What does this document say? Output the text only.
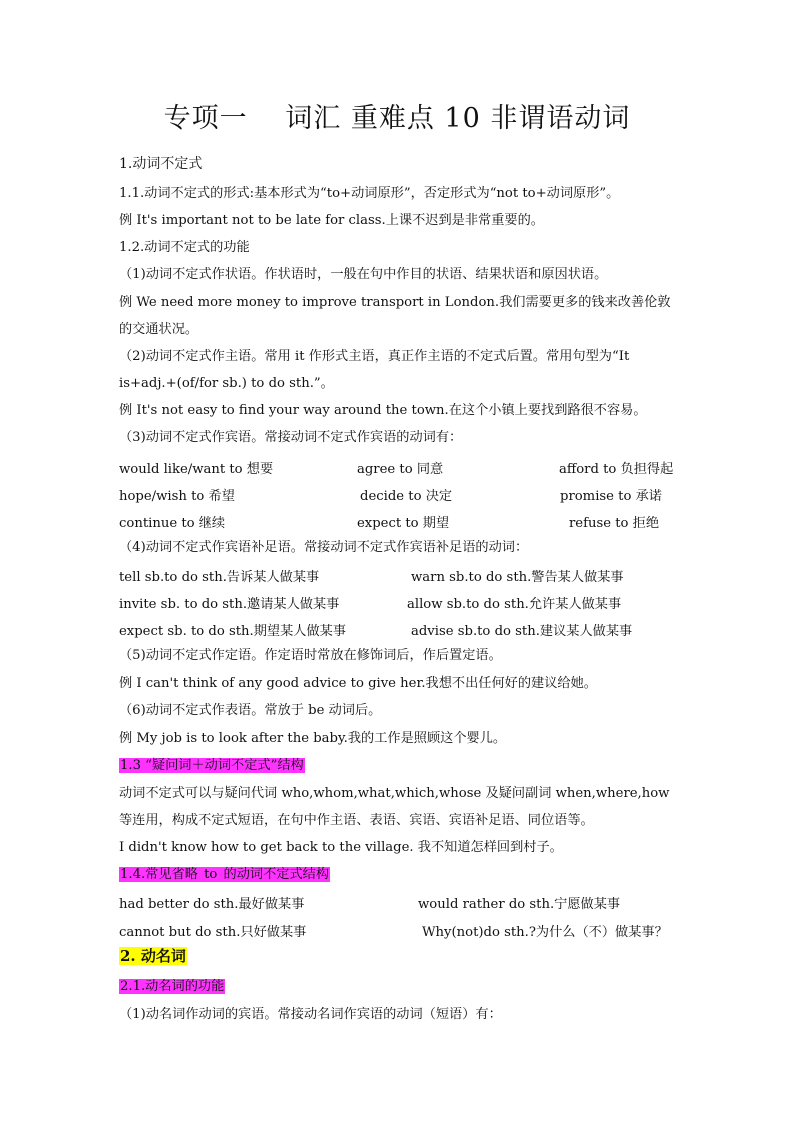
专项一　 词汇 重难点 10 非谓语动词
1.动词不定式
1.1.动词不定式的形式:基本形式为“to+动词原形”，否定形式为“not to+动词原形”。
例 It's important not to be late for class.上课不迟到是非常重要的。
1.2.动词不定式的功能
（1)动词不定式作状语。作状语时，一般在句中作目的状语、结果状语和原因状语。
例 We need more money to improve transport in London.我们需要更多的钱来改善伦敦的交通状况。
（2)动词不定式作主语。常用 it 作形式主语，真正作主语的不定式后置。常用句型为“It is+adj.+(of/for sb.) to do sth.”。
例 It's not easy to find your way around the town.在这个小镇上要找到路很不容易。
（3)动词不定式作宾语。常接动词不定式作宾语的动词有：
would like/want to 想要	agree to 同意	afford to 负担得起
hope/wish to 希望	decide to 决定	promise to 承诺
continue to 继续	expect to 期望	refuse to 拒绝
（4)动词不定式作宾语补足语。常接动词不定式作宾语补足语的动词：
tell sb.to do sth.告诉某人做某事	warn sb.to do sth.警告某人做某事
invite sb. to do sth.邀请某人做某事	allow sb.to do sth.允许某人做某事
expect sb. to do sth.期望某人做某事	advise sb.to do sth.建议某人做某事
（5)动词不定式作定语。作定语时常放在修饰词后，作后置定语。
例 I can't think of any good advice to give her.我想不出任何好的建议给她。
（6)动词不定式作表语。常放于 be 动词后。
例 My job is to look after the baby.我的工作是照顾这个婴儿。
1.3 “疑问词＋动词不定式”结构
动词不定式可以与疑问代词 who,whom,what,which,whose 及疑问副词 when,where,how 等连用，构成不定式短语，在句中作主语、表语、宾语、宾语补足语、同位语等。
I didn't know how to get back to the village. 我不知道怎样回到村子。
1.4.常见省略 to 的动词不定式结构
had better do sth.最好做某事	would rather do sth.宁愿做某事
cannot but do sth.只好做某事	Why(not)do sth.?为什么（不）做某事？
2. 动名词
2.1.动名词的功能
（1)动名词作动词的宾语。常接动名词作宾语的动词（短语）有：
